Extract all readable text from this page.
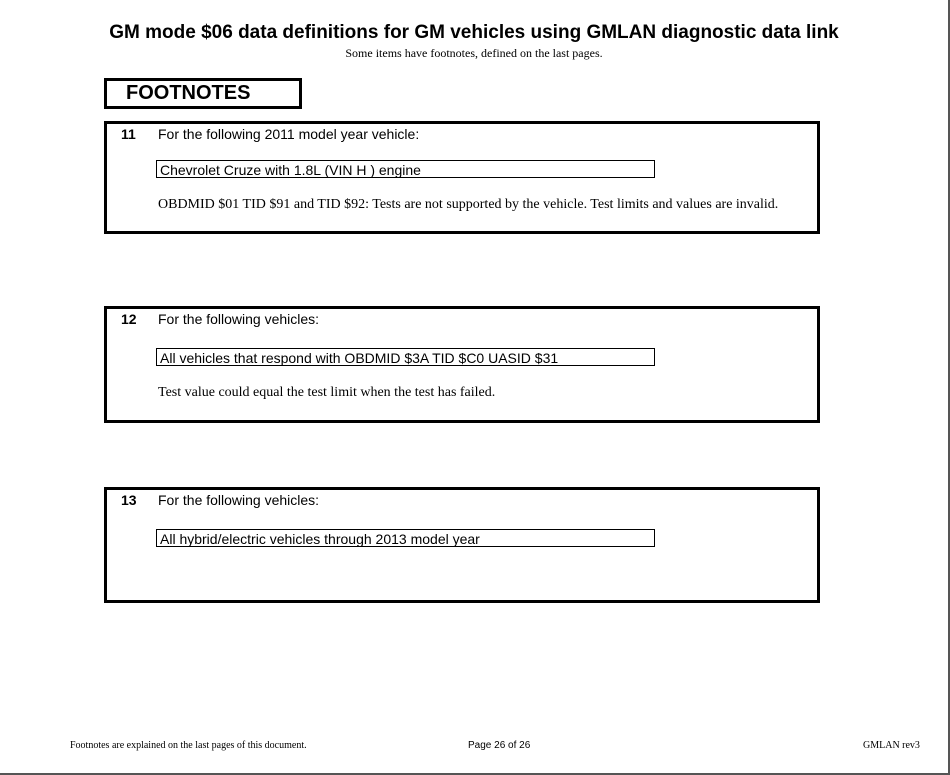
GM mode $06 data definitions for GM vehicles using GMLAN diagnostic data link
Some items have footnotes, defined on the last pages.
FOOTNOTES
11 For the following 2011 model year vehicle:
Chevrolet Cruze with 1.8L (VIN H ) engine
OBDMID $01 TID $91 and TID $92: Tests are not supported by the vehicle. Test limits and values are invalid.
12 For the following vehicles:
All vehicles that respond with OBDMID $3A TID $C0 UASID $31
Test value could equal the test limit when the test has failed.
13 For the following vehicles:
All hybrid/electric vehicles through 2013 model year
Footnotes are explained on the last pages of this document.	Page 26 of 26	GMLAN rev3
